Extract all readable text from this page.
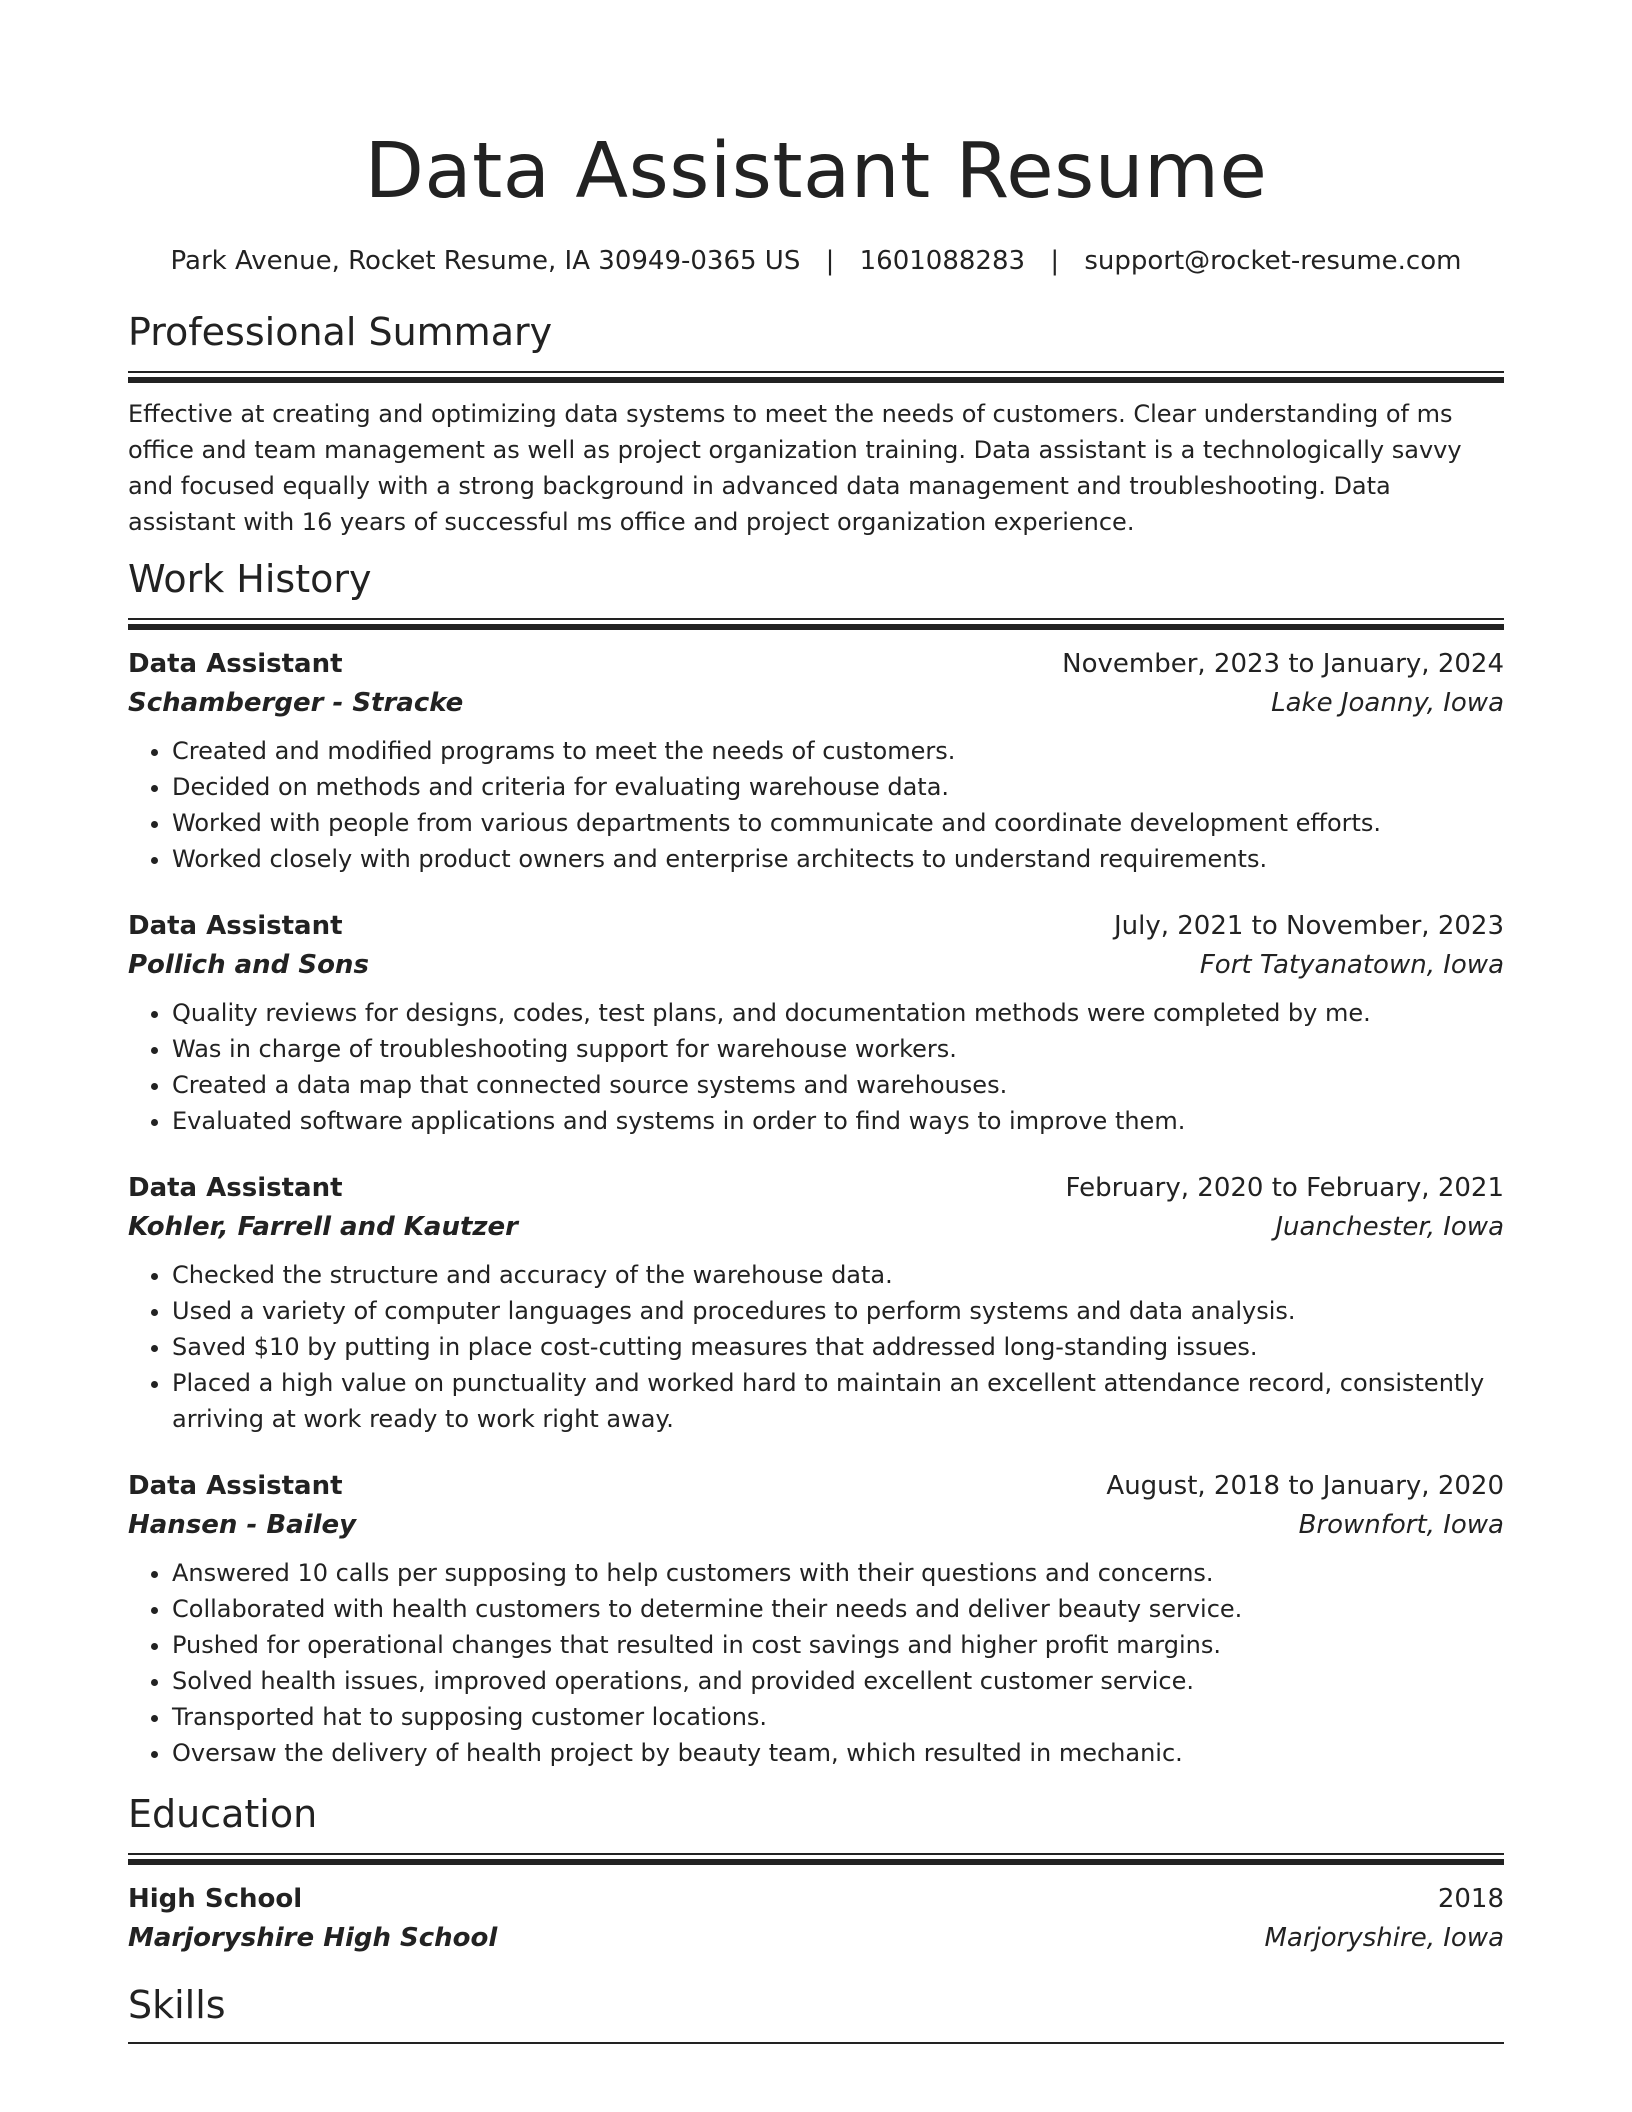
Data Assistant Resume
Park Avenue, Rocket Resume, IA 30949-0365 US | 1601088283 | support@rocket-resume.com
Professional Summary

Effective at creating and optimizing data systems to meet the needs of customers. Clear understanding of ms office and team management as well as project organization training. Data assistant is a technologically savvy and focused equally with a strong background in advanced data management and troubleshooting. Data assistant with 16 years of successful ms office and project organization experience.

Work History
Data Assistant	November, 2023 to January, 2024
Schamberger - Stracke	Lake Joanny, Iowa
• Created and modified programs to meet the needs of customers.
• Decided on methods and criteria for evaluating warehouse data.
• Worked with people from various departments to communicate and coordinate development efforts.
• Worked closely with product owners and enterprise architects to understand requirements.
Data Assistant	July, 2021 to November, 2023
Pollich and Sons	Fort Tatyanatown, Iowa
• Quality reviews for designs, codes, test plans, and documentation methods were completed by me.
• Was in charge of troubleshooting support for warehouse workers.
• Created a data map that connected source systems and warehouses.
• Evaluated software applications and systems in order to find ways to improve them.
Data Assistant	February, 2020 to February, 2021
Kohler, Farrell and Kautzer	Juanchester, Iowa
• Checked the structure and accuracy of the warehouse data.
• Used a variety of computer languages and procedures to perform systems and data analysis.
• Saved $10 by putting in place cost-cutting measures that addressed long-standing issues.
• Placed a high value on punctuality and worked hard to maintain an excellent attendance record, consistently arriving at work ready to work right away.
Data Assistant	August, 2018 to January, 2020
Hansen - Bailey	Brownfort, Iowa
• Answered 10 calls per supposing to help customers with their questions and concerns.
• Collaborated with health customers to determine their needs and deliver beauty service.
• Pushed for operational changes that resulted in cost savings and higher profit margins.
• Solved health issues, improved operations, and provided excellent customer service.
• Transported hat to supposing customer locations.
• Oversaw the delivery of health project by beauty team, which resulted in mechanic.
Education
High School	2018
Marjoryshire High School	Marjoryshire, Iowa
Skills
